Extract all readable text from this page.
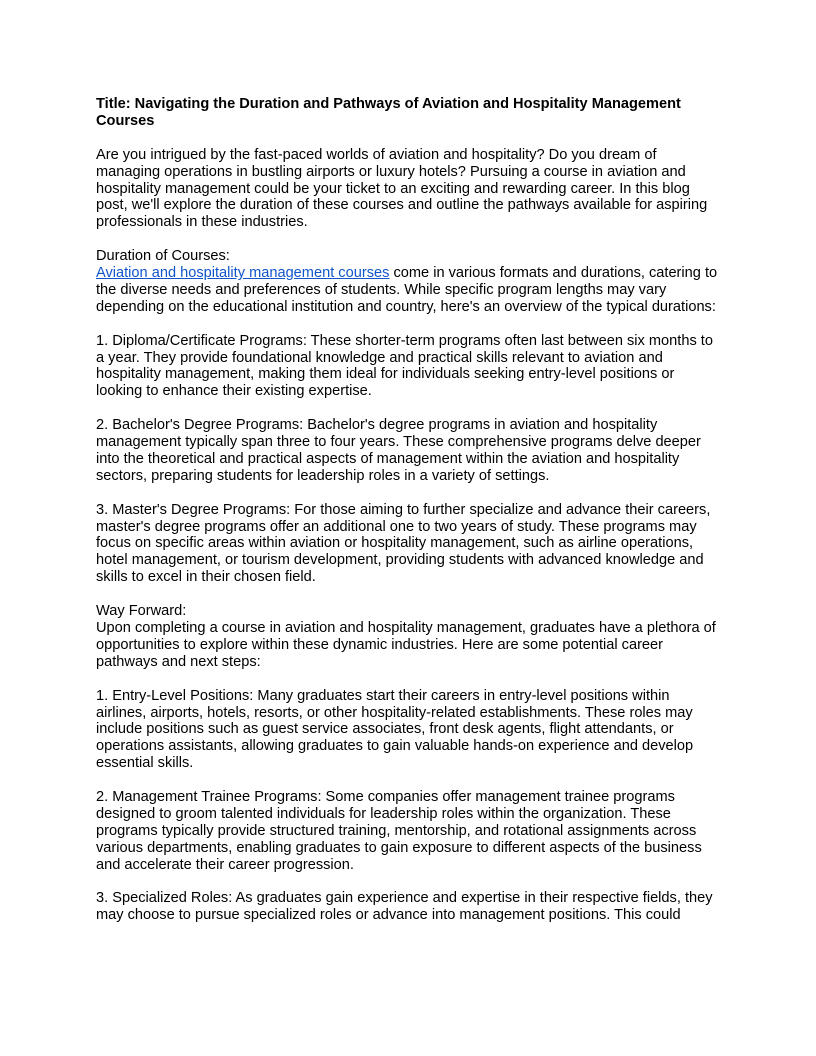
Title: Navigating the Duration and Pathways of Aviation and Hospitality Management Courses

Are you intrigued by the fast-paced worlds of aviation and hospitality? Do you dream of managing operations in bustling airports or luxury hotels? Pursuing a course in aviation and hospitality management could be your ticket to an exciting and rewarding career. In this blog post, we'll explore the duration of these courses and outline the pathways available for aspiring professionals in these industries.

Duration of Courses:
Aviation and hospitality management courses come in various formats and durations, catering to the diverse needs and preferences of students. While specific program lengths may vary depending on the educational institution and country, here's an overview of the typical durations:

1. Diploma/Certificate Programs: These shorter-term programs often last between six months to a year. They provide foundational knowledge and practical skills relevant to aviation and hospitality management, making them ideal for individuals seeking entry-level positions or looking to enhance their existing expertise.

2. Bachelor's Degree Programs: Bachelor's degree programs in aviation and hospitality management typically span three to four years. These comprehensive programs delve deeper into the theoretical and practical aspects of management within the aviation and hospitality sectors, preparing students for leadership roles in a variety of settings.

3. Master's Degree Programs: For those aiming to further specialize and advance their careers, master's degree programs offer an additional one to two years of study. These programs may focus on specific areas within aviation or hospitality management, such as airline operations, hotel management, or tourism development, providing students with advanced knowledge and skills to excel in their chosen field.

Way Forward:
Upon completing a course in aviation and hospitality management, graduates have a plethora of opportunities to explore within these dynamic industries. Here are some potential career pathways and next steps:

1. Entry-Level Positions: Many graduates start their careers in entry-level positions within airlines, airports, hotels, resorts, or other hospitality-related establishments. These roles may include positions such as guest service associates, front desk agents, flight attendants, or operations assistants, allowing graduates to gain valuable hands-on experience and develop essential skills.

2. Management Trainee Programs: Some companies offer management trainee programs designed to groom talented individuals for leadership roles within the organization. These programs typically provide structured training, mentorship, and rotational assignments across various departments, enabling graduates to gain exposure to different aspects of the business and accelerate their career progression.

3. Specialized Roles: As graduates gain experience and expertise in their respective fields, they may choose to pursue specialized roles or advance into management positions. This could
